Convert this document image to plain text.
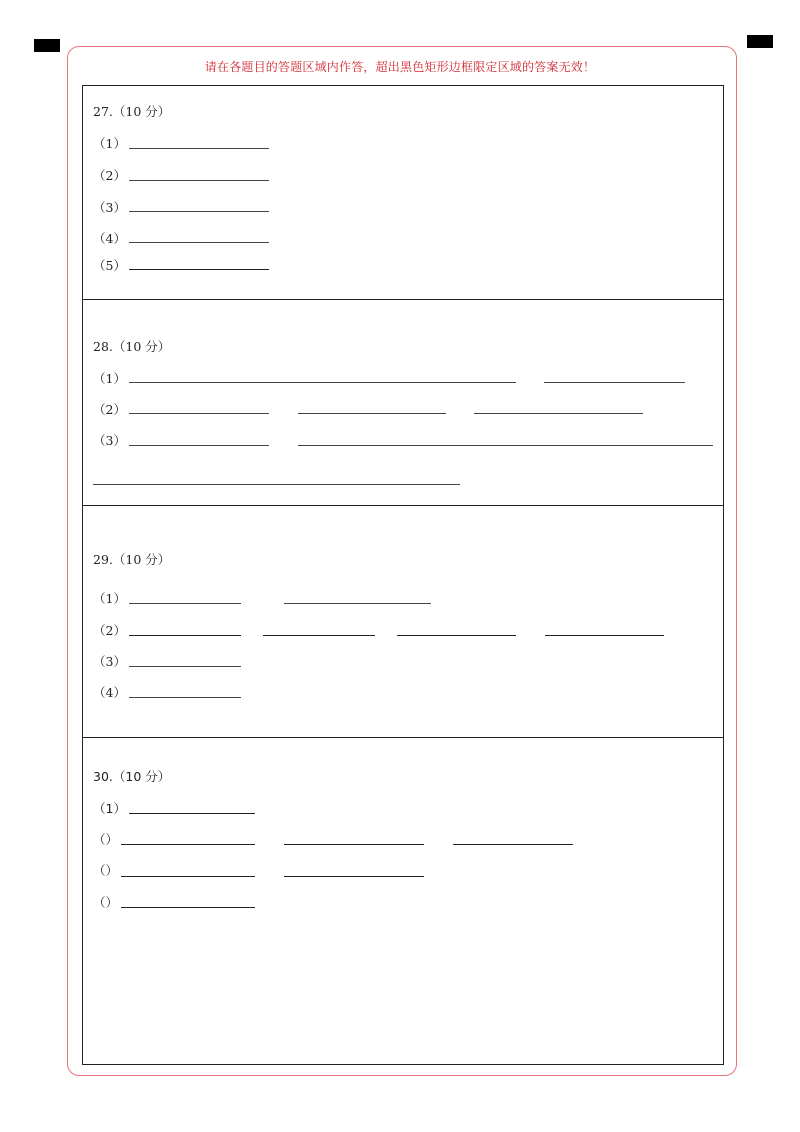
请在各题目的答题区域内作答，超出黑色矩形边框限定区域的答案无效！
27.（10 分）
（1）
（2）
（3）
（4）
（5）
28.（10 分）
（1）
（2）
（3）
29.（10 分）
（1）
（2）
（3）
（4）
30.（10 分）
（1）
（）
（）
（）
